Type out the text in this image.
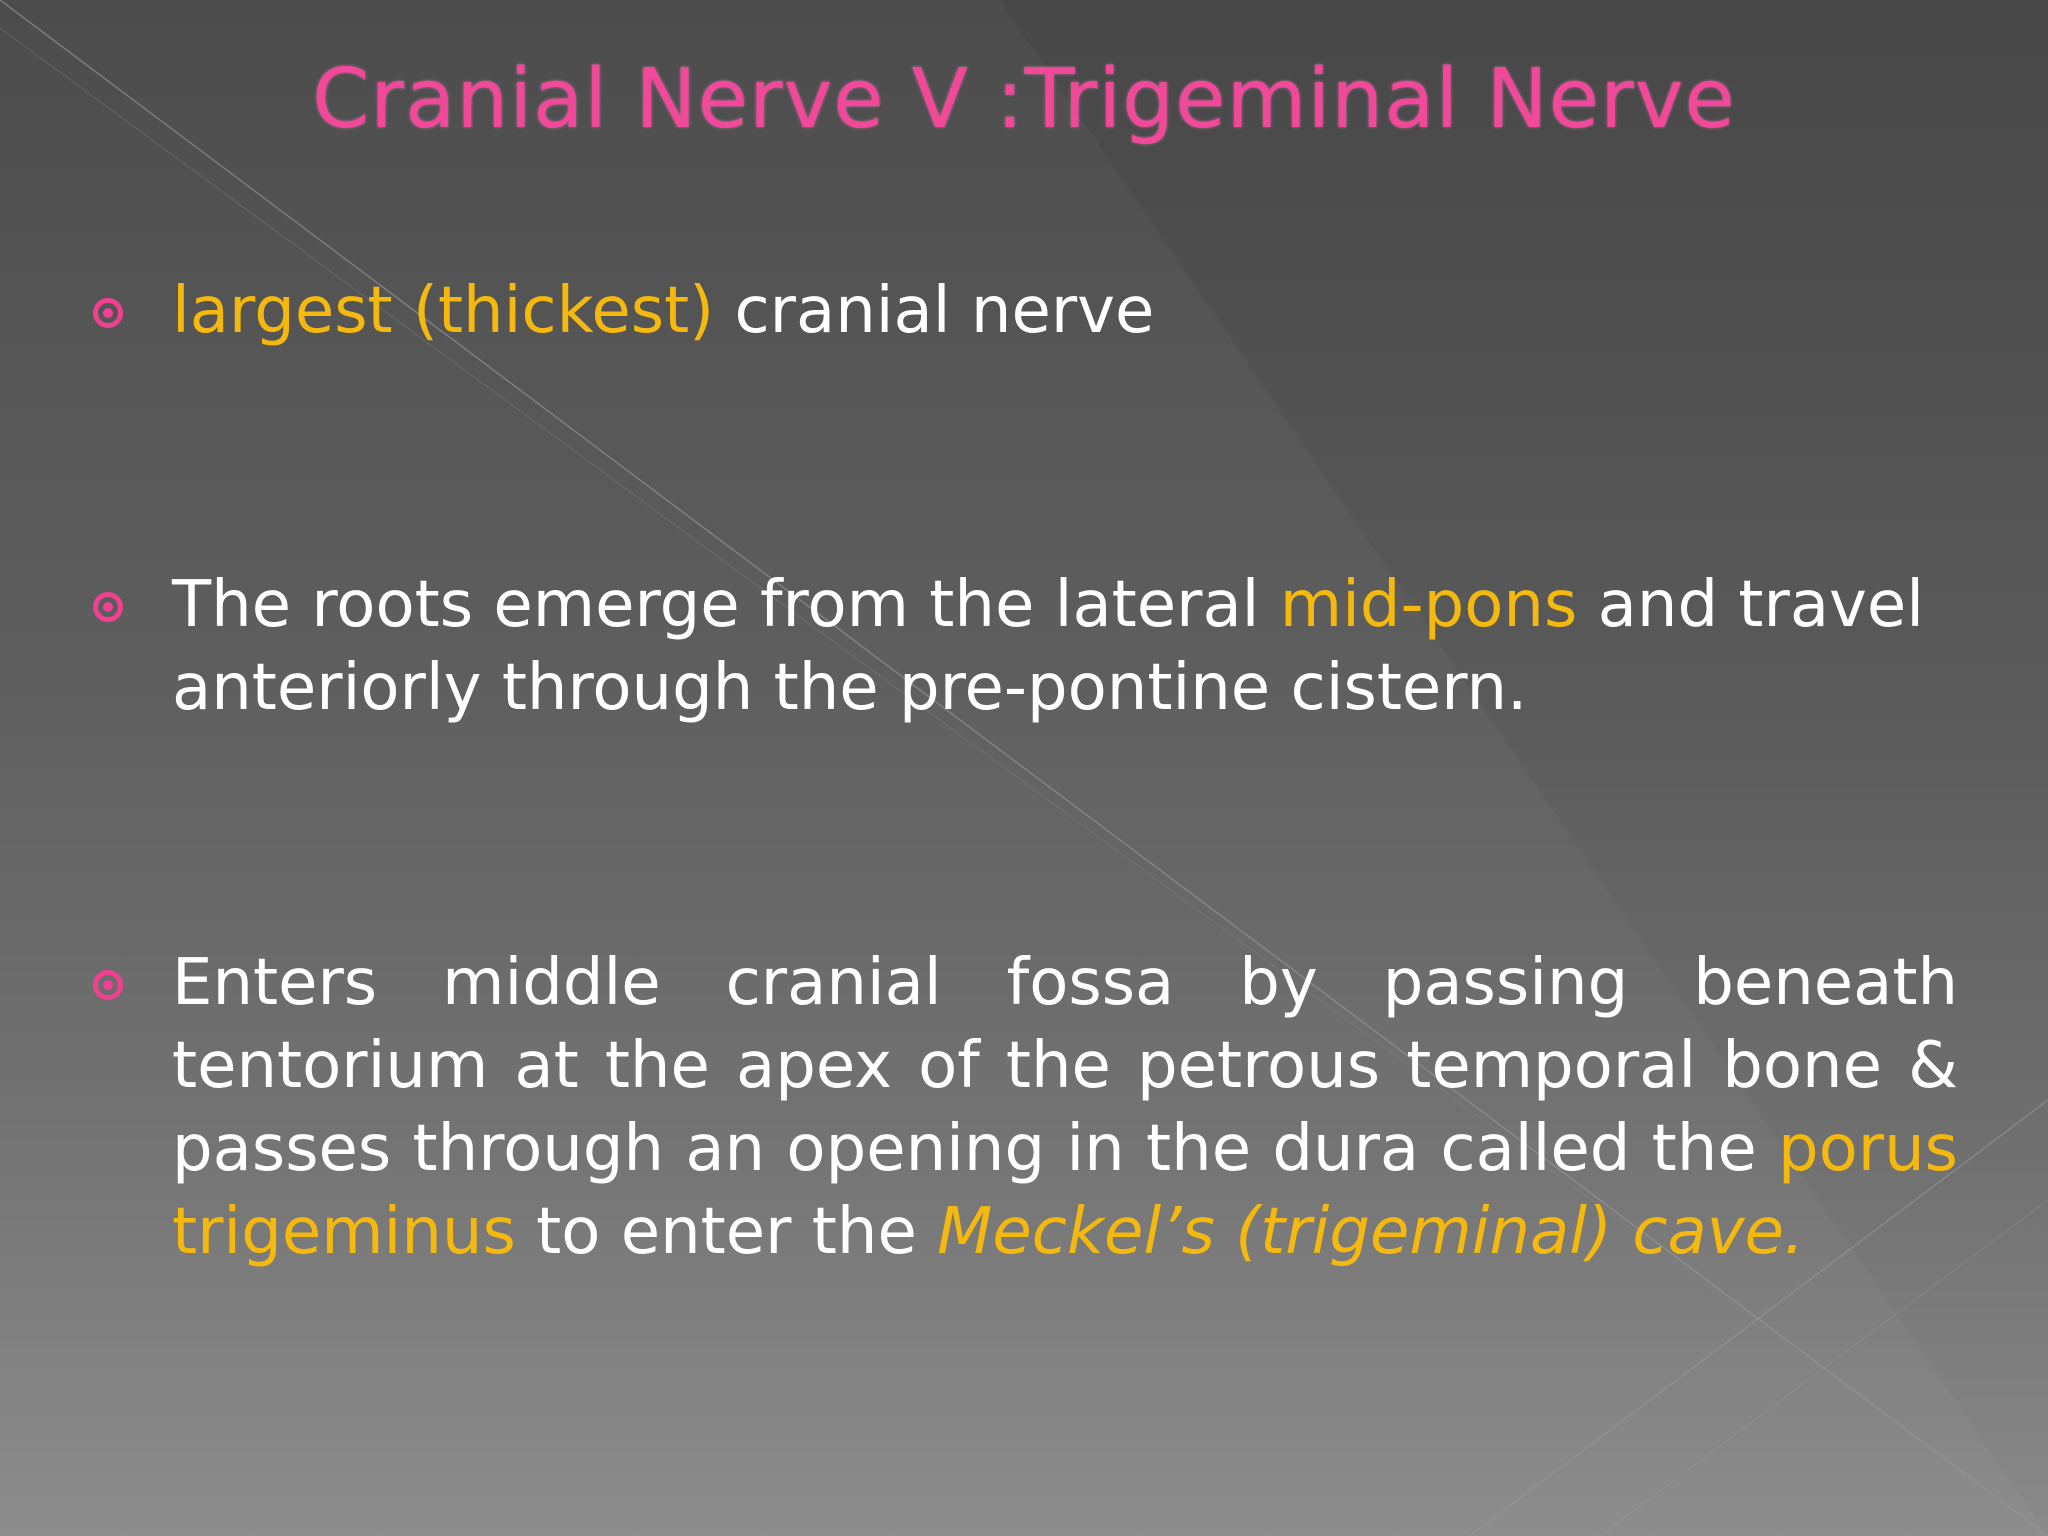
Cranial Nerve V :Trigeminal Nerve
largest (thickest) cranial nerve
The roots emerge from the lateral mid-pons and travel anteriorly through the pre-pontine cistern.
Enters middle cranial fossa by passing beneath tentorium at the apex of the petrous temporal bone & passes through an opening in the dura called the porus trigeminus to enter the Meckel’s (trigeminal) cave.
